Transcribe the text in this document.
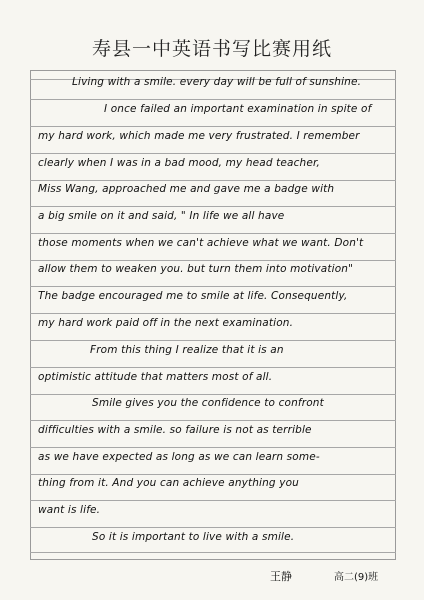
寿县一中英语书写比赛用纸
Living with a smile. every day will be full of sunshine.
I once failed an important examination in spite of
my hard work, which made me very frustrated. I remember
clearly when I was in a bad mood, my head teacher,
Miss Wang, approached me and gave me a badge with
a big smile on it and said, " In life we all have
those moments when we can't achieve what we want. Don't
allow them to weaken you. but turn them into motivation"
The badge encouraged me to smile at life. Consequently,
my hard work paid off in the next examination.
From this thing I realize that it is an
optimistic attitude that matters most of all.
Smile gives you the confidence to confront
difficulties with a smile. so failure is not as terrible
as we have expected as long as we can learn some-
thing from it. And you can achieve anything you
want is life.
So it is important to live with a smile.
王静	高二(9)班
